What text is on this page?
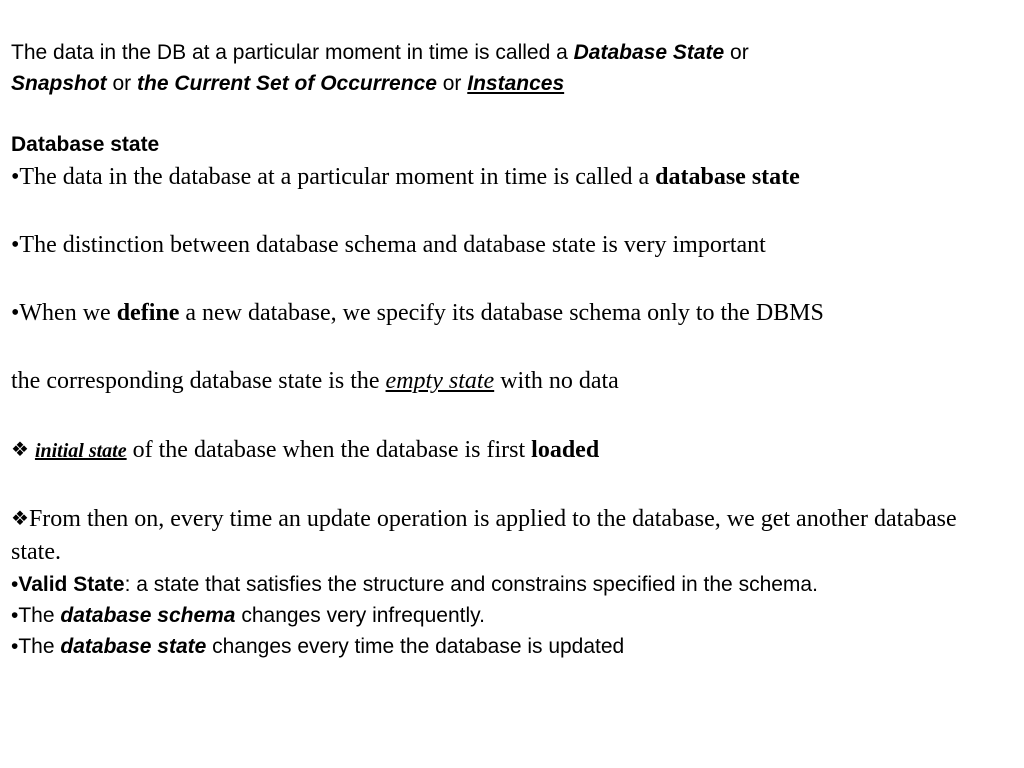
The data in the DB at a particular moment in time is called a Database State or

Snapshot or the Current Set of Occurrence or Instances

Database state

•The data in the database at a particular moment in time is called a database state

•The distinction between database schema and database state is very important

•When we define a new database, we specify its database schema only to the DBMS

the corresponding database state is the empty state with no data

❖ initial state of the database when the database is first loaded

❖From then on, every time an update operation is applied to the database, we get another database state.

•Valid State: a state that satisfies the structure and constrains specified in the schema.

•The database schema changes very infrequently.

•The database state changes every time the database is updated
